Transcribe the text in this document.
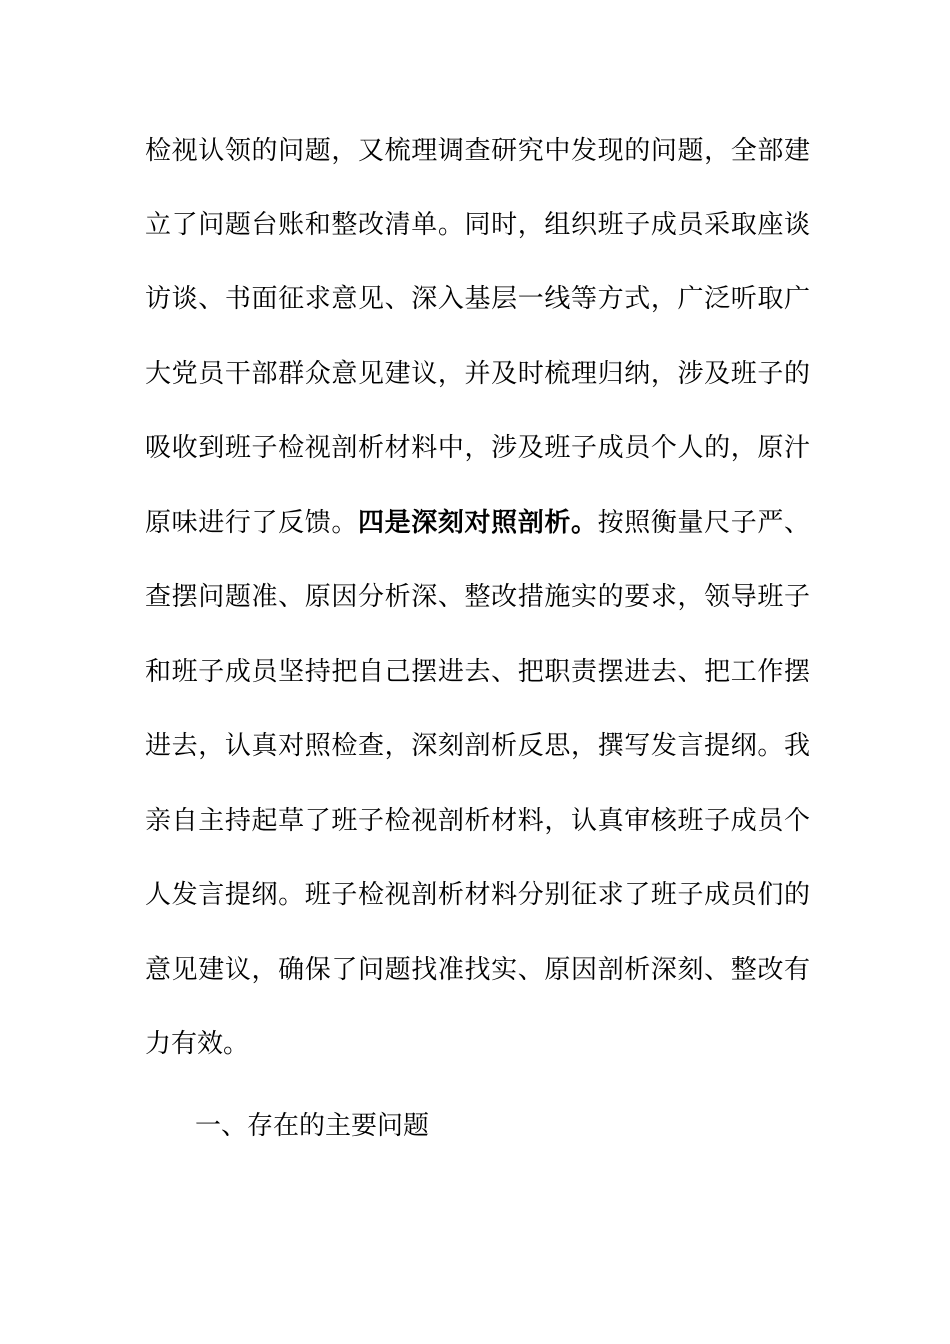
检视认领的问题，又梳理调查研究中发现的问题，全部建
立了问题台账和整改清单。同时，组织班子成员采取座谈
访谈、书面征求意见、深入基层一线等方式，广泛听取广
大党员干部群众意见建议，并及时梳理归纳，涉及班子的
吸收到班子检视剖析材料中，涉及班子成员个人的，原汁
原味进行了反馈。四是深刻对照剖析。按照衡量尺子严、
查摆问题准、原因分析深、整改措施实的要求，领导班子
和班子成员坚持把自己摆进去、把职责摆进去、把工作摆
进去，认真对照检查，深刻剖析反思，撰写发言提纲。我
亲自主持起草了班子检视剖析材料，认真审核班子成员个
人发言提纲。班子检视剖析材料分别征求了班子成员们的
意见建议，确保了问题找准找实、原因剖析深刻、整改有
力有效。
一、存在的主要问题
